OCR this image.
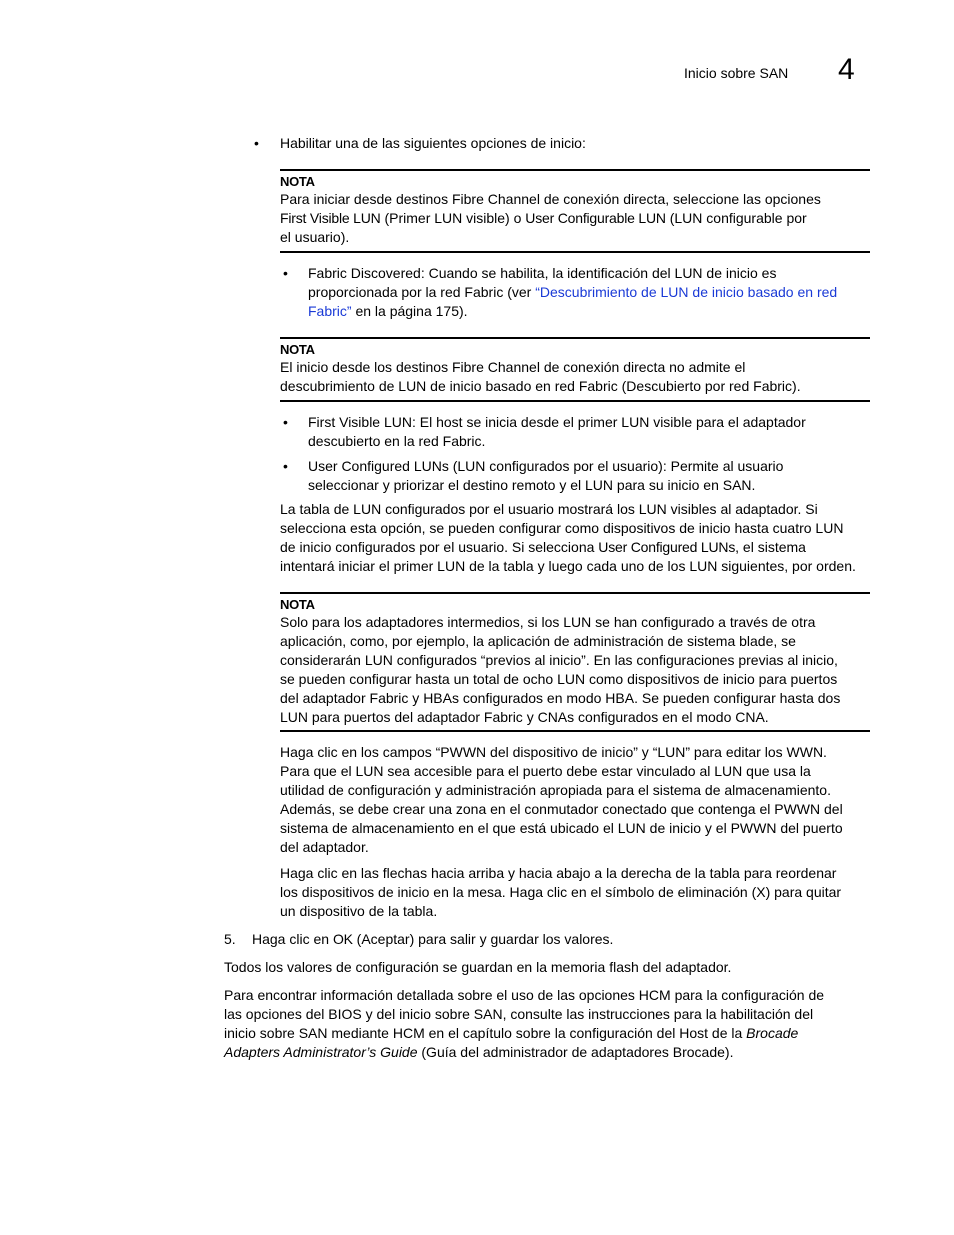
Inicio sobre SAN 4
• Habilitar una de las siguientes opciones de inicio:

NOTA
Para iniciar desde destinos Fibre Channel de conexión directa, seleccione las opciones
First Visible LUN (Primer LUN visible) o User Configurable LUN (LUN configurable por
el usuario).
• Fabric Discovered: Cuando se habilita, la identificación del LUN de inicio es
proporcionada por la red Fabric (ver “Descubrimiento de LUN de inicio basado en red
Fabric” en la página 175).
NOTA
El inicio desde los destinos Fibre Channel de conexión directa no admite el
descubrimiento de LUN de inicio basado en red Fabric (Descubierto por red Fabric).
• First Visible LUN: El host se inicia desde el primer LUN visible para el adaptador
descubierto en la red Fabric.
• User Configured LUNs (LUN configurados por el usuario): Permite al usuario
seleccionar y priorizar el destino remoto y el LUN para su inicio en SAN.
La tabla de LUN configurados por el usuario mostrará los LUN visibles al adaptador. Si
selecciona esta opción, se pueden configurar como dispositivos de inicio hasta cuatro LUN
de inicio configurados por el usuario. Si selecciona User Configured LUNs, el sistema
intentará iniciar el primer LUN de la tabla y luego cada uno de los LUN siguientes, por orden.
NOTA
Solo para los adaptadores intermedios, si los LUN se han configurado a través de otra
aplicación, como, por ejemplo, la aplicación de administración de sistema blade, se
considerarán LUN configurados “previos al inicio”. En las configuraciones previas al inicio,
se pueden configurar hasta un total de ocho LUN como dispositivos de inicio para puertos
del adaptador Fabric y HBAs configurados en modo HBA. Se pueden configurar hasta dos
LUN para puertos del adaptador Fabric y CNAs configurados en el modo CNA.
Haga clic en los campos “PWWN del dispositivo de inicio” y “LUN” para editar los WWN.
Para que el LUN sea accesible para el puerto debe estar vinculado al LUN que usa la
utilidad de configuración y administración apropiada para el sistema de almacenamiento.
Además, se debe crear una zona en el conmutador conectado que contenga el PWWN del
sistema de almacenamiento en el que está ubicado el LUN de inicio y el PWWN del puerto
del adaptador.
Haga clic en las flechas hacia arriba y hacia abajo a la derecha de la tabla para reordenar
los dispositivos de inicio en la mesa. Haga clic en el símbolo de eliminación (X) para quitar
un dispositivo de la tabla.
5. Haga clic en OK (Aceptar) para salir y guardar los valores.
Todos los valores de configuración se guardan en la memoria flash del adaptador.
Para encontrar información detallada sobre el uso de las opciones HCM para la configuración de
las opciones del BIOS y del inicio sobre SAN, consulte las instrucciones para la habilitación del
inicio sobre SAN mediante HCM en el capítulo sobre la configuración del Host de la Brocade
Adapters Administrator’s Guide (Guía del administrador de adaptadores Brocade).
